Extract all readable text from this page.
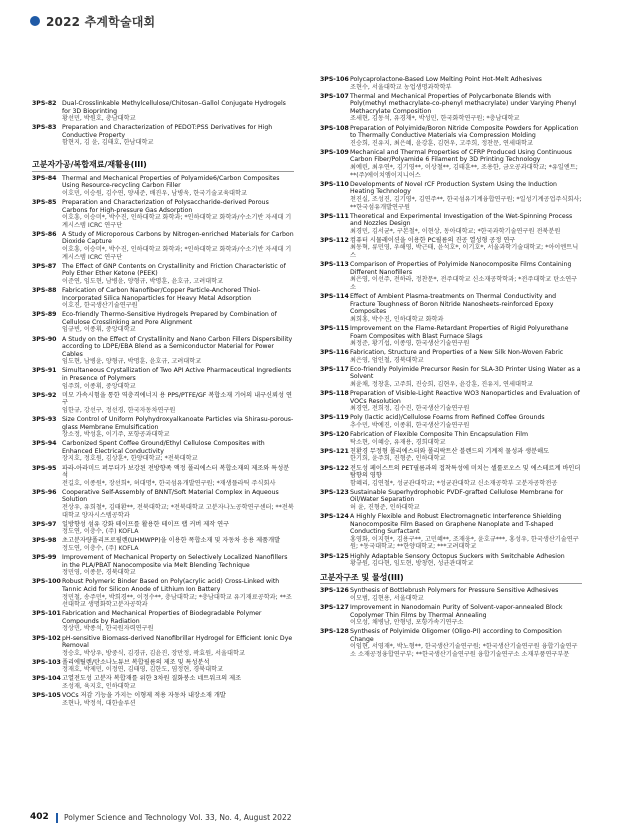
2022 추계학술대회
3PS-82 Dual-Crosslinkable Methylcellulose/Chitosan–Gallol Conjugate Hydrogels for 3D Bioprinting
황선민, 박원호, 충남대학교
3PS-83 Preparation and Characterization of PEDOT:PSS Derivatives for High Conductive Property
함현지, 김 윤, 김태호, 한남대학교
고분자가공/복합재료/재활용(III)
3PS-84 Thermal and Mechanical Properties of Polyamide6/Carbon Composites Using Resource-recycling Carbon Filler
이호민, 이승원, 김수연, 양세준, 배진우, 남병욱, 한국기술교육대학교
3PS-85 Preparation and Characterization of Polysaccharide-derived Porous Carbons for High-pressure Gas Adsorption
이호흥, 이승미*, 박수진, 인하대학교 화학과; *인하대학교 화학과/수소기반 자세대 기계시스템 ICRC 연구단
3PS-86 A Study of Microporous Carbons by Nitrogen-enriched Materials for Carbon Dioxide Capture
이호흥, 이승미*, 박수진, 인하대학교 화학과; *인하대학교 화학과/수소기반 자세대 기계시스템 ICRC 연구단
3PS-87 The Effect of GNP Contents on Crystallinity and Friction Characteristic of Poly Ether Ether Ketone (PEEK)
이준연, 임도현, 남병윤, 양형규, 박명훈, 윤호규, 고려대학교
3PS-88 Fabrication of Carbon Nanofiber/Copper Particle-Anchored Thiol-Incorporated Silica Nanoparticles for Heavy Metal Adsorption
이호진, 한국생산기술연구원
3PS-89 Eco-friendly Thermo-Sensitive Hydrogels Prepared by Combination of Cellulose Crosslinking and Pore Alignment
임규빈, 이종휘, 중앙대학교
3PS-90 A Study on the Effect of Crystallinity and Nano Carbon Fillers Dispersibility according to LDPE/EBA Blend as a Semiconductor Material for Power Cables
임도현, 남병윤, 양형규, 박명훈, 윤호규, 고려대학교
3PS-91 Simultaneous Crystallization of Two API Active Pharmaceutical Ingredients in Presence of Polymers
임주희, 이종휘, 중앙대학교
3PS-92 미모 가속시험을 통한 역충격에너지 용 PPS/PTFE/GF 복합소재 기어의 내구신뢰성 연구
임한규, 강선구, 정선경, 한국자동차연구원
3PS-93 Size Control of Uniform Polyhydroxyalkanoate Particles via Shirasu-porous-glass Membrane Emulsification
장소정, 박성훈, 이기주, 포항공과대학교
3PS-94 Carbonized Spent Coffee Ground/Ethyl Cellulose Composites with Enhanced Electrical Conductivity
장지호, 정호원, 김상훈*, 한양대학교; *전북대학교
3PS-95 파라-아라미드 퍼무더가 보강된 전방향족 액정 폴리에스터 복합소재의 제조와 특성분석
전길호, 이종원*, 장선희*, 허대명*, 한국섬유개발연구원; *재생플라틱 주식회사
3PS-96 Cooperative Self-Assembly of BNNT/Soft Material Complex in Aqueous Solution
전상우, 유희철*, 김태환**, 전북대학교; *전북대학교 고분자나노공학연구센터; **전북대학교 양자시스템공학과
3PS-97 일방향성 섬유 강화 테이프를 활용한 테이프 랩 커버 제작 연구
정도연, 이충수, (주) KOFLA
3PS-98 초고분자량폴리프로필렌(UHMWPP)을 이용한 폭합소재 및 자동차 응용 제품개발
정도연, 이충수, (주) KOFLA
3PS-99 Improvement of Mechanical Property on Selectively Localized Nanofillers in the PLA/PBAT Nanocomposite via Melt Blending Technique
정민영, 이종문, 경북대학교
3PS-100 Robust Polymeric Binder Based on Poly(acrylic acid) Cross-Linked with Tannic Acid for Silicon Anode of Lithium Ion Battery
정민철, 송주민*, 박희경**, 이정수**, 충남대학교; *충남대학교 유기재료공학과; **조선대학교 생명화학고분자공학과
3PS-101 Fabrication and Mechanical Properties of Biodegradable Polymer Compounds by Radiation
정상민, 박종석, 한국원자력연구원
3PS-102 pH-sensitive Biomass-derived Nanofibrillar Hydrogel for Efficient Ionic Dye Removal
정승호, 박상우, 방중식, 김경규, 김윤진, 장만정, 곽효원, 서울대학교
3PS-103 폴리에틸렌/탄소나노튜브 복합필름의 제조 및 특성분석
정재호, 박제민, 이정연, 김태영, 김한도, 염정현, 경북대학교
3PS-104 고열전도성 고분자 복합재를 위한 3차원 질화붕소 네트워크의 제조
조성재, 육지호, 인하대학교
3PS-105 VOCs 저감 기능을 가지는 이형제 적용 자동차 내장소재 개발
조현나, 박정석, 대한솔루션
3PS-106 Polycaprolactone-Based Low Melting Point Hot-Melt Adhesives
조현수, 서울대학교 농업생명과학학부
3PS-107 Thermal and Mechanical Properties of Polycarbonate Blends with Poly(methyl methacrylate-co-phenyl methacrylate) under Varying Phenyl Methacrylate Composition
조세현, 김동석, 유경재*, 박성민, 한국화학연구원; *충남대학교
3PS-108 Preparation of Polyimide/Boron Nitride Composite Powders for Application to Thermally Conductive Materials via Compression Molding
진승희, 진유지, 최은혜, 윤강훈, 김현우, 고주희, 정찬문, 연세대학교
3PS-109 Mechanical and Thermal Properties of CFRP Produced Using Continuous Carbon Fiber/Polyamide 6 Filament by 3D Printing Technology
최예린, 최우연*, 김기영**, 이상철**, 김태훈**, 조용한, 금오공과대학교; *유일엔트; **(주)에이치엠이지니어스
3PS-110 Developments of Novel rCF Production System Using the Induction Heating Technology
천진실, 조성진, 김기영*, 김연주**, 한국섬유기계융합연구원; *일성기계공업주식회사; **한국섬유개발연구원
3PS-111 Theoretical and Experimental Investigation of the Wet-Spinning Process and Nozzles Design
최경민, 김서균*, 구본철*, 이현상, 동아대학교; *한국과학기술연구원 전북분원
3PS-112 컴퓨터 시뮬레이션을 이용한 PC필름의 진공 열성형 공정 연구
최동혁, 류민영, 우해영, 박근태, 윤석호*, 이기호*, 서울과학기술대학교; *아이엔트닉스
3PS-113 Comparison of Properties of Polyimide Nanocomposite Films Containing Different Nanofillers
최은영, 이선주, 전하라, 정찬문*, 전주대학교 신소재공학학과; *전주대학교 탄소연구소
3PS-114 Effect of Ambient Plasma-treatments on Thermal Conductivity and Fracture Toughness of Boron Nitride Nanosheets-reinforced Epoxy Composites
최희홍, 박수진, 인하대학교 화학과
3PS-115 Improvement on the Flame-Retardant Properties of Rigid Polyurethane Foam Composites with Blast Furnace Slags
최정준, 황기섭, 이종영, 한국생산기술연구원
3PS-116 Fabrication, Structure and Properties of a New Silk Non-Woven Fabric
최은영, 엄인철, 경북대학교
3PS-117 Eco-friendly Polyimide Precursor Resin for SLA-3D Printer Using Water as a Solvent
최윤채, 정창훈, 고주희, 진승희, 김현우, 윤강훈, 진유지, 연세대학교
3PS-118 Preparation of Visible-Light Reactive WO3 Nanoparticles and Evaluation of VOCs Resolution
최경연, 전희정, 김수진, 한국생산기술연구원
3PS-119 Poly (lactic acid)/Cellulose Foams from Refined Coffee Grounds
추수민, 박예진, 이종휘, 한국생산기술연구원
3PS-120 Fabrication of Flexible Composite Thin Encapsulation Film
탁소현, 이혜승, 유재용, 경희대학교
3PS-121 친환경 무정형 폴리에스터와 폴리락트산 블렌드의 기계적 물성과 생분해도
한기희, 윤주희, 진형준, 인하대학교
3PS-122 전도성 페이스트의 PET필름과의 접착특성에 미치는 셀룰로오스 및 에스테르계 바인더 탐향의 영향
함혜리, 김연철*, 성균관대학교; *성균관대학교 신소재공학부 고분자공학전공
3PS-123 Sustainable Superhydrophobic PVDF-grafted Cellulose Membrane for Oil/Water Separation
허 윤, 진형준, 인하대학교
3PS-124 A Highly Flexible and Robust Electromagnetic Interference Shielding Nanocomposite Film Based on Graphene Nanoplate and T-shaped Conducting Surfactant
홍영화, 이지현*, 김용구**, 고민혜**, 조재웅*, 윤호규***, 홍성우, 한국생산기술연구원; *동국대학교; **한양대학교; ***고려대학교
3PS-125 Highly Adaptable Sensory Octopus Suckers with Switchable Adhesion
황규원, 김다현, 임도현, 방창현, 성균관대학교
고분자구조 및 물성(III)
3PS-126 Synthesis of Bottlebrush Polymers for Pressure Sensitive Adhesives
이모범, 김현용, 서울대학교
3PS-127 Improvement in Nanodomain Purity of Solvent-vapor-annealed Block Copolymer Thin Films by Thermal Annealing
이모성, 채병남, 안형녕, 포항가속기연구소
3PS-128 Synthesis of Polyimide Oligomer (Oligo-PI) according to Composition Change
이임현, 서영재*, 박노형**, 한국생산기술연구원; *한국생산기술연구원 융합기술연구소 소재공정융합연구부; **한국생산기술연구원 융합기술연구소 소재부품연구부문
402 Polymer Science and Technology Vol. 33, No. 4, August 2022
